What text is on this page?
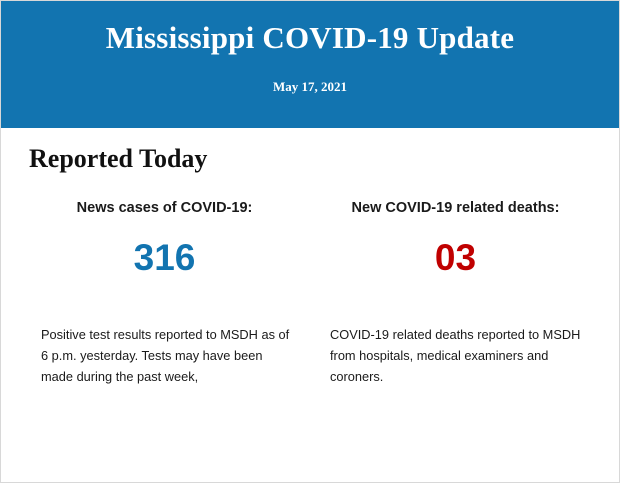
Mississippi COVID-19 Update
May 17, 2021
Reported Today
News cases of COVID-19:
316
New COVID-19 related deaths:
03
Positive test results reported to MSDH as of 6 p.m. yesterday. Tests may have been made during the past week,
COVID-19 related deaths reported to MSDH from hospitals, medical examiners and coroners.
